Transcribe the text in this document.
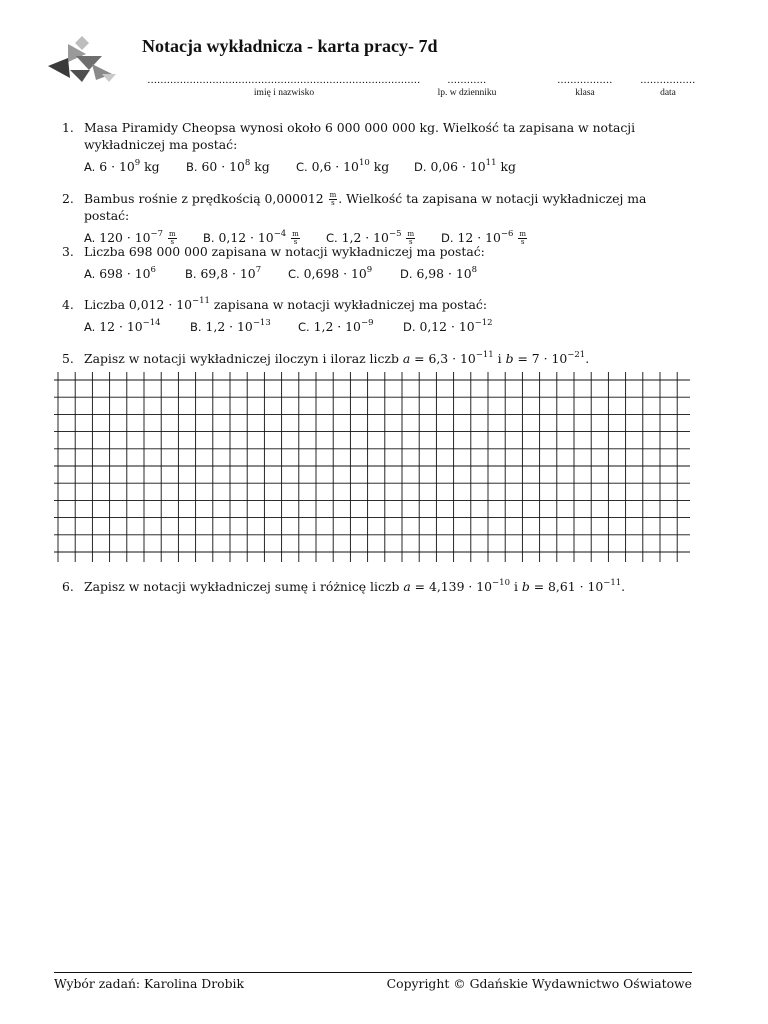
Notacja wykładnicza - karta pracy- 7d
....................................................................................
imię i nazwisko
............
lp. w dzienniku
.................
klasa
.................
data
1. Masa Piramidy Cheopsa wynosi około 6 000 000 000 kg. Wielkość ta zapisana w notacji wykładniczej ma postać:
A. $6 \cdot 10^9$ kg B. $60 \cdot 10^8$ kg C. $0,6 \cdot 10^{10}$ kg D. $0,06 \cdot 10^{11}$ kg
2. Bambus rośnie z prędkością $0,000012 \frac{m}{s}$ . Wielkość ta zapisana w notacji wykładniczej ma postać:
A. $120 \cdot 10^{-7} \frac{m}{s} B$. $0,12 \cdot 10^{-4} \frac{m}{s} C$. $1,2 \cdot 10^{-5} \frac{m}{s} D$. $12 \cdot 10^{-6} \frac{m}{s}$
3. Liczba 698 000 000 zapisana w notacji wykładniczej ma postać:
A. $698 \cdot 10^6$	B. $69,8 \cdot 10^7$ C. $0,698 \cdot 10^9$ D. $6,98 \cdot 10^8$
4. Liczba $0,012 \cdot 10^{-11}$ zapisana w notacji wykładniczej ma postać:
A. $12 \cdot 10^{-14}$	B. $1,2 \cdot 10^{-13}$ C. $1,2 \cdot 10^{-9}$	D. $0,12 \cdot 10^{-12}$
5. Zapisz w notacji wykładniczej iloczyn i iloraz liczb $a = 6,3 \cdot 10^{-11}$ i $b = 7 \cdot 10^{-21}$.
6. Zapisz w notacji wykładniczej sumę i różnicę liczb $a = 4,139 \cdot 10^{-10}$ i $b = 8,61 \cdot 10^{-11}$.
Wybór zadań: Karolina Drobik	Copyright © Gdańskie Wydawnictwo Oświatowe
